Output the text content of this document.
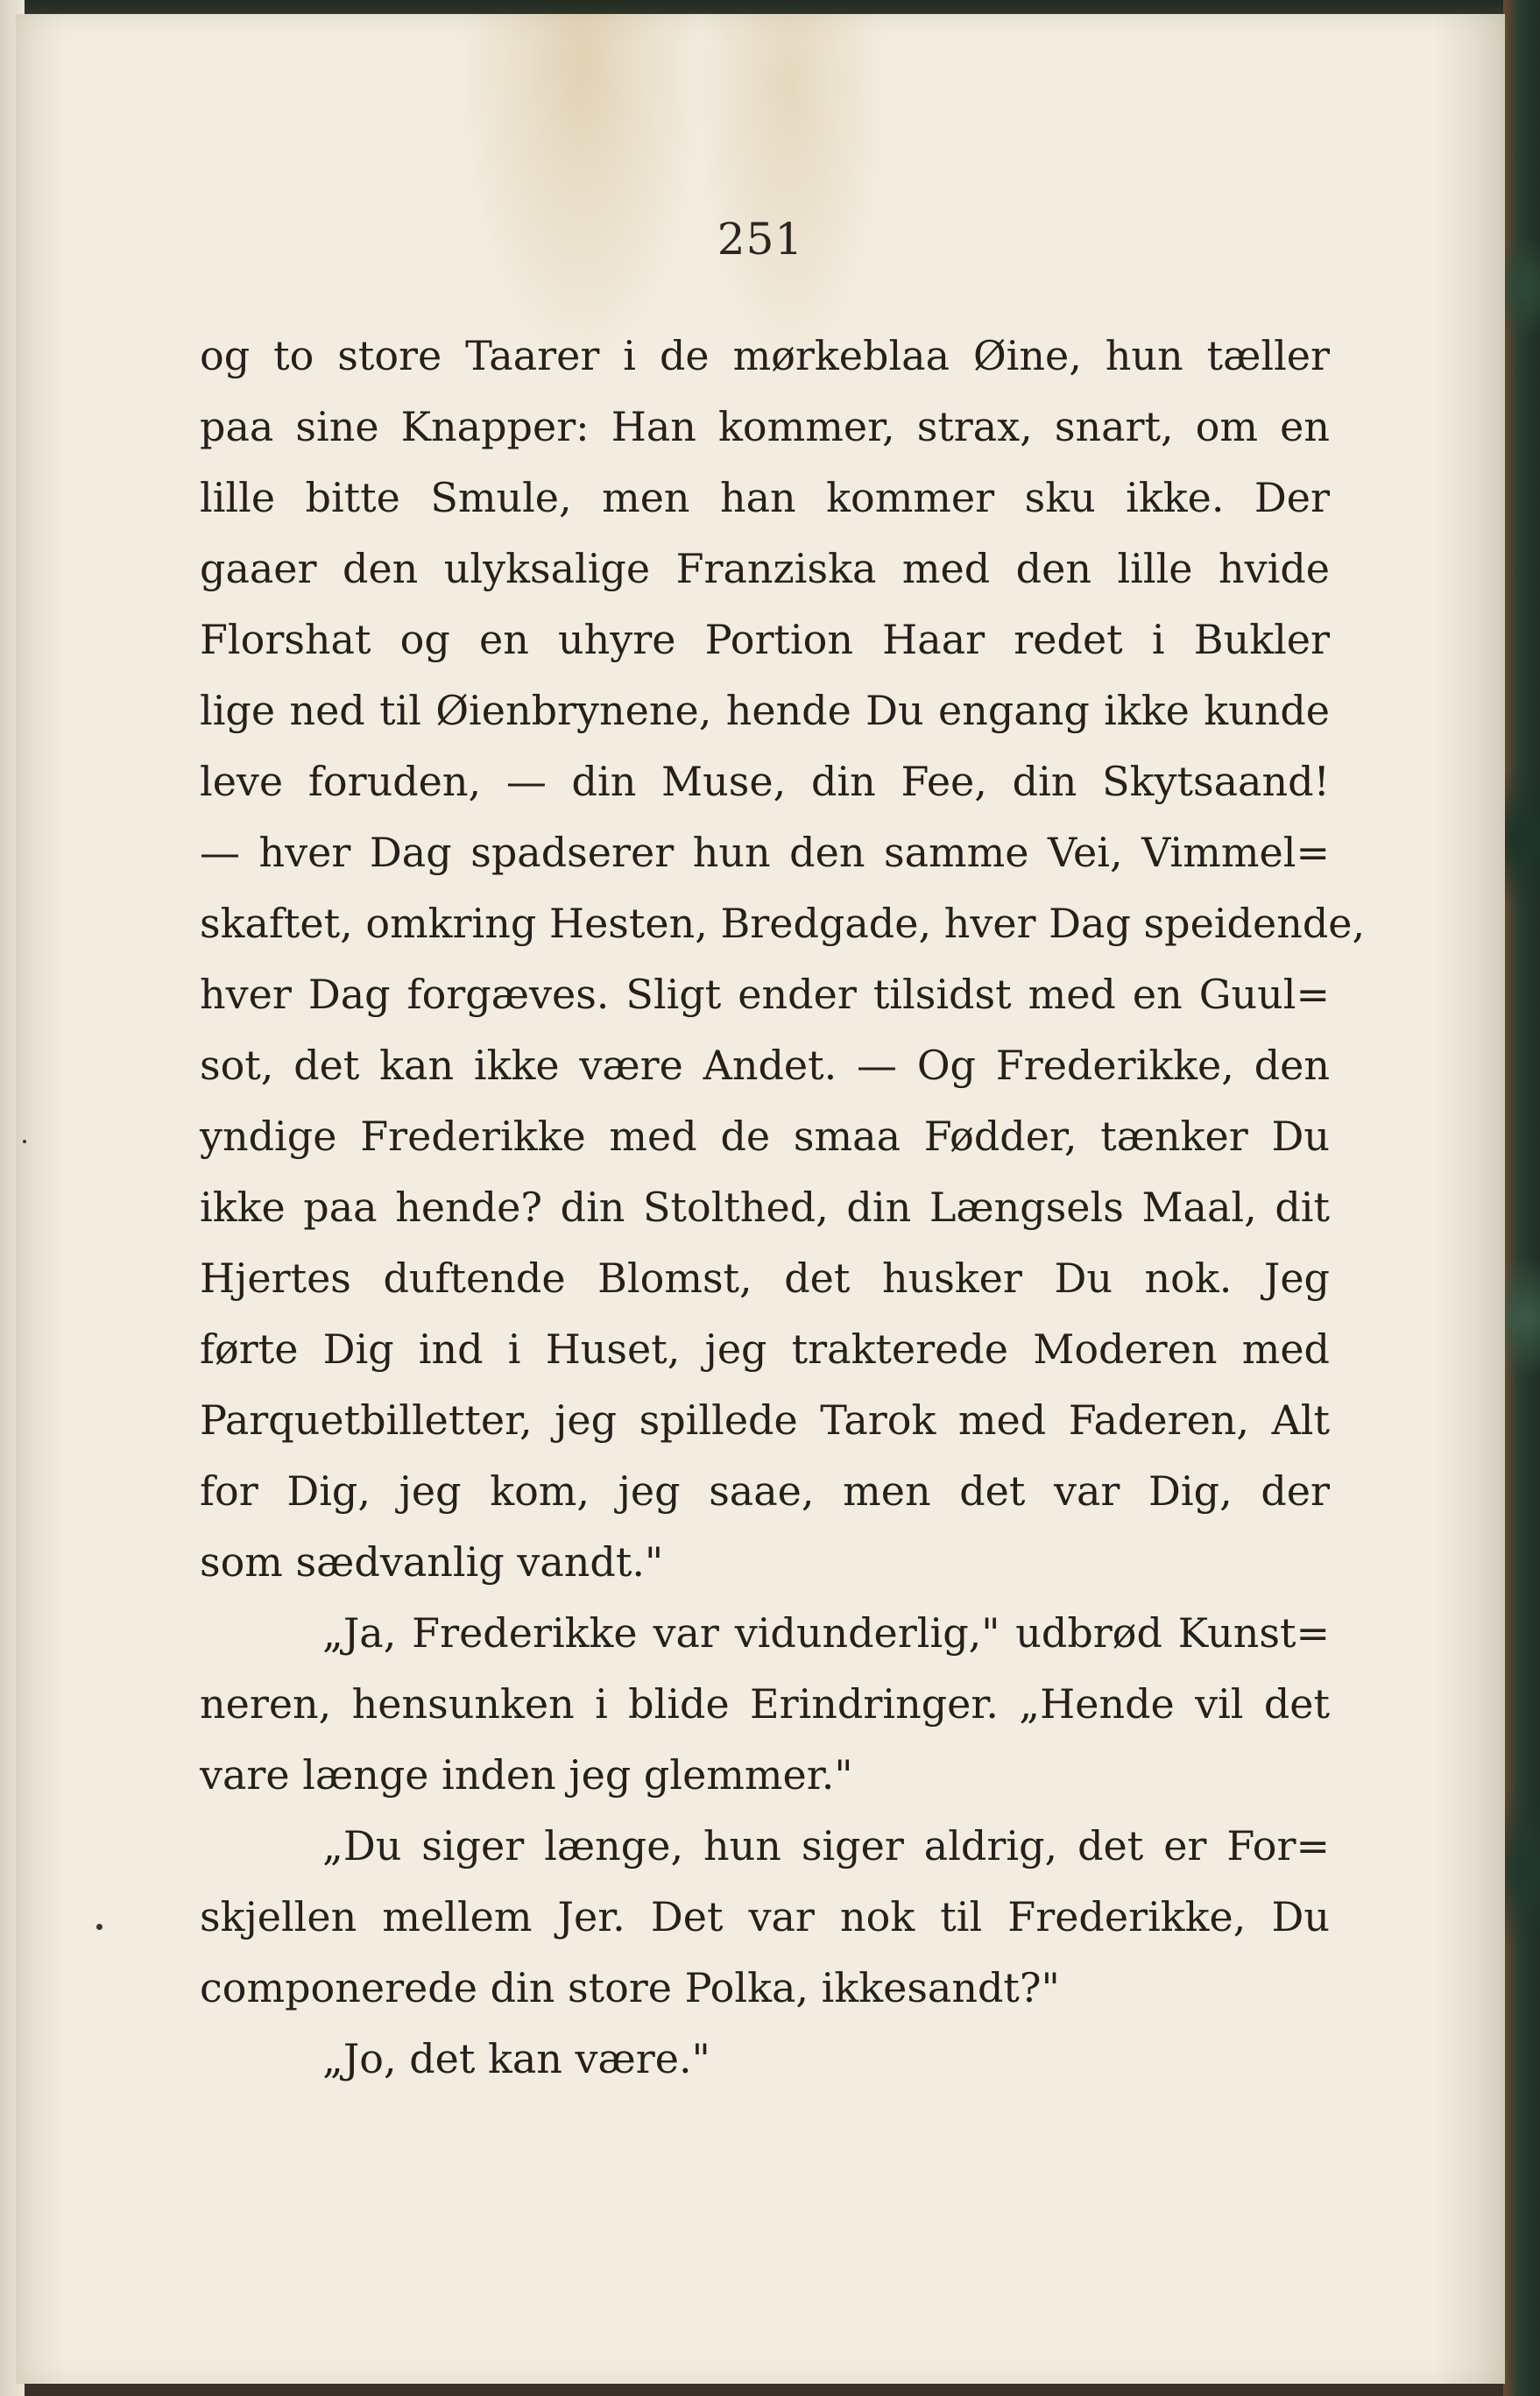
251
og to store Taarer i de mørkeblaa Øine, hun tæller
paa sine Knapper: Han kommer, strax, snart, om en
lille bitte Smule, men han kommer sku ikke. Der
gaaer den ulyksalige Franziska med den lille hvide
Florshat og en uhyre Portion Haar redet i Bukler
lige ned til Øienbrynene, hende Du engang ikke kunde
leve foruden, — din Muse, din Fee, din Skytsaand!
— hver Dag spadserer hun den samme Vei, Vimmel=
skaftet, omkring Hesten, Bredgade, hver Dag speidende,
hver Dag forgæves. Sligt ender tilsidst med en Guul=
sot, det kan ikke være Andet. — Og Frederikke, den
yndige Frederikke med de smaa Fødder, tænker Du
ikke paa hende? din Stolthed, din Længsels Maal, dit
Hjertes duftende Blomst, det husker Du nok. Jeg
førte Dig ind i Huset, jeg trakterede Moderen med
Parquetbilletter, jeg spillede Tarok med Faderen, Alt
for Dig, jeg kom, jeg saae, men det var Dig, der
som sædvanlig vandt."
„Ja, Frederikke var vidunderlig," udbrød Kunst=
neren, hensunken i blide Erindringer. „Hende vil det
vare længe inden jeg glemmer."
„Du siger længe, hun siger aldrig, det er For=
skjellen mellem Jer. Det var nok til Frederikke, Du
componerede din store Polka, ikkesandt?"
„Jo, det kan være."
